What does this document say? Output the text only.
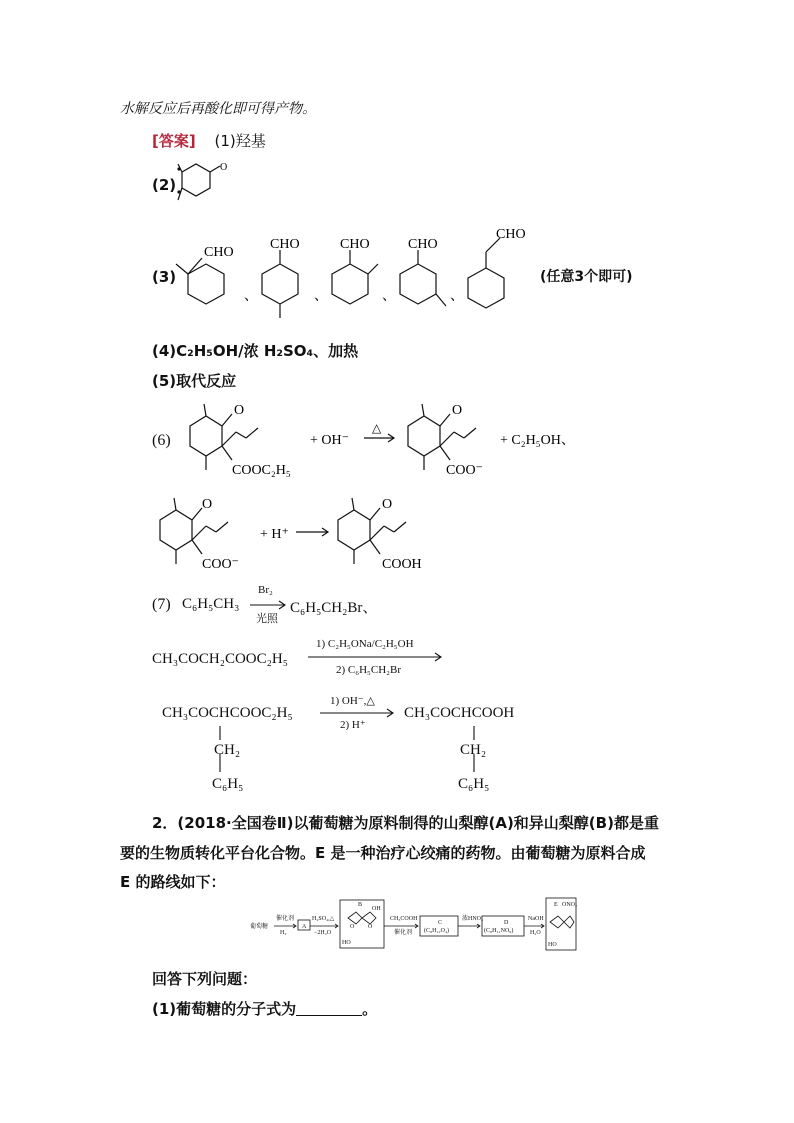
水解反应后再酸化即可得产物。
[答案] (1)羟基
(2)
O
(3)
CHO
CHO	CHO	CHO
CHO
、	、	、	、
(任意3个即可)
(4)C₂H₅OH/浓 H₂SO₄、加热
(5)取代反应
(6)
O
COOC₂H₅
+ OH⁻
△
O
COO⁻
+ C₂H₅OH、
O
COO⁻
+ H⁺
O
COOH
(7) C₆H₅CH₃
Br₂
光照
C₆H₅CH₂Br、
CH₃COCH₂COOC₂H₅
1) C₂H₅ONa/C₂H₅OH
2) C₆H₅CH₂Br
CH₃COCHCOOC₂H₅
1) OH⁻,△
2) H⁺
CH₃COCHCOOH
CH₂
C₆H₅
CH₂
C₆H₅
2．(2018·全国卷Ⅱ)以葡萄糖为原料制得的山梨醇(A)和异山梨醇(B)都是重
要的生物质转化平台化合物。E 是一种治疗心绞痛的药物。由葡萄糖为原料合成
E 的路线如下：
葡萄糖
催化剂
H₂
A
H₂SO₄,△
−2H₂O
B
OH
HO
O O
CH₃COOH
催化剂
C
(C₈H₁₂O₄)
浓HNO₃
D
(C₈H₁₁NO₆)
NaOH
H₂O
E ONO₂
HO
回答下列问题：
(1)葡萄糖的分子式为	。
